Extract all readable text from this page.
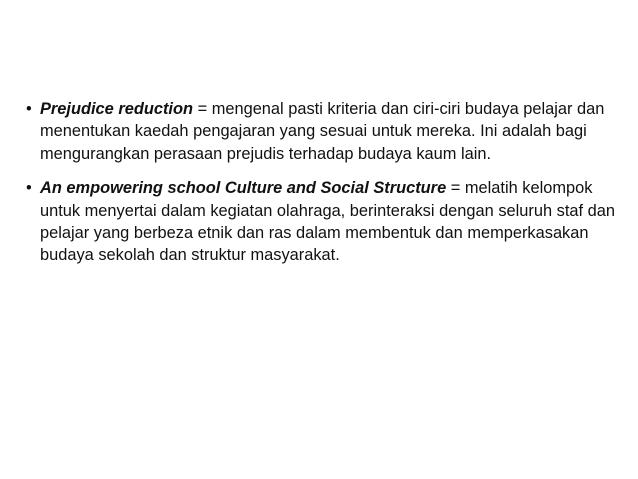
• Prejudice reduction = mengenal pasti kriteria dan ciri-ciri budaya pelajar dan menentukan kaedah pengajaran yang sesuai untuk mereka. Ini adalah bagi mengurangkan perasaan prejudis terhadap budaya kaum lain.
• An empowering school Culture and Social Structure = melatih kelompok untuk menyertai dalam kegiatan olahraga, berinteraksi dengan seluruh staf dan pelajar yang berbeza etnik dan ras dalam membentuk dan memperkasakan budaya sekolah dan struktur masyarakat.
